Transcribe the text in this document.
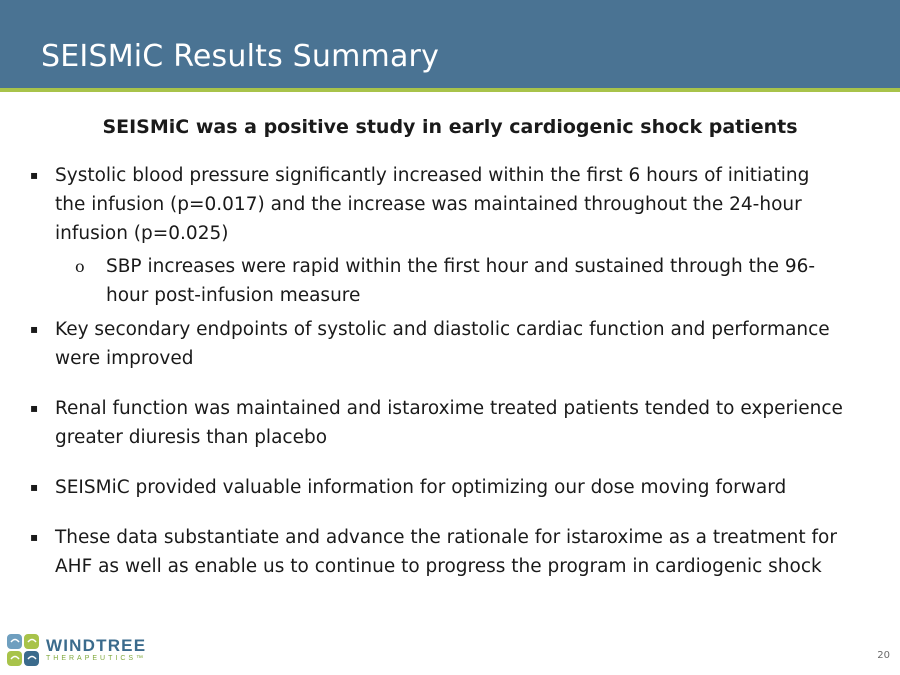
SEISMiC Results Summary
SEISMiC was a positive study in early cardiogenic shock patients
▪ Systolic blood pressure significantly increased within the first 6 hours of initiating the infusion (p=0.017) and the increase was maintained throughout the 24-hour infusion (p=0.025)
o SBP increases were rapid within the first hour and sustained through the 96-hour post-infusion measure
▪ Key secondary endpoints of systolic and diastolic cardiac function and performance were improved
▪ Renal function was maintained and istaroxime treated patients tended to experience greater diuresis than placebo
▪ SEISMiC provided valuable information for optimizing our dose moving forward
▪ These data substantiate and advance the rationale for istaroxime as a treatment for AHF as well as enable us to continue to progress the program in cardiogenic shock
WINDTREE
THERAPEUTICS™	20
